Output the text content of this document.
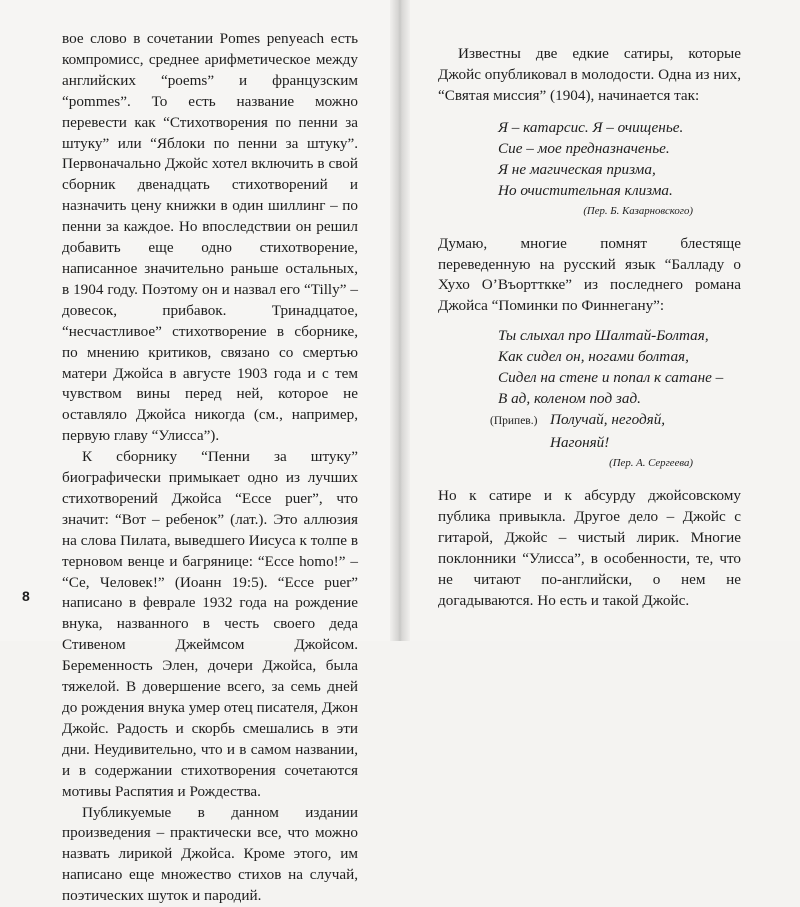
вое слово в сочетании Pomes penyeach есть компромисс, среднее арифметическое между английских “poems” и французским “pommes”. То есть название можно перевести как “Стихотворения по пенни за штуку” или “Яблоки по пенни за штуку”. Первоначально Джойс хотел включить в свой сборник двенадцать стихотворений и назначить цену книжки в один шиллинг – по пенни за каждое. Но впоследствии он решил добавить еще одно стихотворение, написанное значительно раньше остальных, в 1904 году. Поэтому он и назвал его “Tilly” – довесок, прибавок. Тринадцатое, “несчастливое” стихотворение в сборнике, по мнению критиков, связано со смертью матери Джойса в августе 1903 года и с тем чувством вины перед ней, которое не оставляло Джойса никогда (см., например, первую главу “Улисса”).

К сборнику “Пенни за штуку” биографически примыкает одно из лучших стихотворений Джойса “Ecce puer”, что значит: “Вот – ребенок” (лат.). Это аллюзия на слова Пилата, выведшего Иисуса к толпе в терновом венце и багрянице: “Ecce homo!” – “Се, Человек!” (Иоанн 19:5). “Ecce puer” написано в феврале 1932 года на рождение внука, названного в честь своего деда Стивеном Джеймсом Джойсом. Беременность Элен, дочери Джойса, была тяжелой. В довершение всего, за семь дней до рождения внука умер отец писателя, Джон Джойс. Радость и скорбь смешались в эти дни. Неудивительно, что и в самом названии, и в содержании стихотворения сочетаются мотивы Распятия и Рождества.

Публикуемые в данном издании произведения – практически все, что можно назвать лирикой Джойса. Кроме этого, им написано еще множество стихов на случай, поэтических шуток и пародий.

8

Известны две едкие сатиры, которые Джойс опубликовал в молодости. Одна из них, “Святая миссия” (1904), начинается так:

Я – катарсис. Я – очищенье.
Сие – мое предназначенье.
Я не магическая призма,
Но очистительная клизма.

(Пер. Б. Казарновского)

Думаю, многие помнят блестяще переведенную на русский язык “Балладу о Хухо О’Въортткке” из последнего романа Джойса “Поминки по Финнегану”:

Ты слыхал про Шалтай-Болтая,
Как сидел он, ногами болтая,
Сидел на стене и попал к сатане –
В ад, коленом под зад.
(Припев.) Получай, негодяй,
Нагоняй!

(Пер. А. Сергеева)

Но к сатире и к абсурду джойсовскому публика привыкла. Другое дело – Джойс с гитарой, Джойс – чистый лирик. Многие поклонники “Улисса”, в особенности, те, что не читают по-английски, о нем не догадываются. Но есть и такой Джойс.
